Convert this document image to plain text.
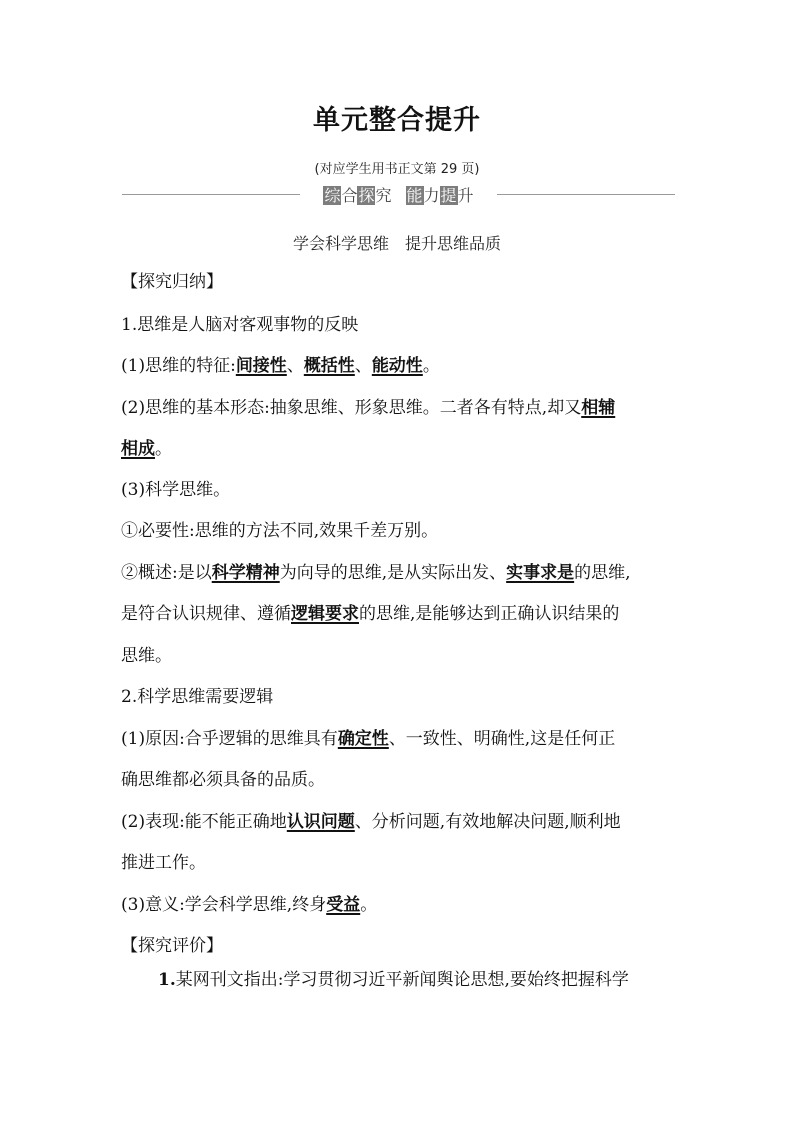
单元整合提升
(对应学生用书正文第 29 页)
综合探究 能力提升
学会科学思维　提升思维品质
【探究归纳】
1.思维是人脑对客观事物的反映
(1)思维的特征:间接性、概括性、能动性。
(2)思维的基本形态:抽象思维、形象思维。二者各有特点,却又相辅
相成。
(3)科学思维。
①必要性:思维的方法不同,效果千差万别。
②概述:是以科学精神为向导的思维,是从实际出发、实事求是的思维,
是符合认识规律、遵循逻辑要求的思维,是能够达到正确认识结果的
思维。
2.科学思维需要逻辑
(1)原因:合乎逻辑的思维具有确定性、一致性、明确性,这是任何正
确思维都必须具备的品质。
(2)表现:能不能正确地认识问题、分析问题,有效地解决问题,顺利地
推进工作。
(3)意义:学会科学思维,终身受益。
【探究评价】
1.某网刊文指出:学习贯彻习近平新闻舆论思想,要始终把握科学
